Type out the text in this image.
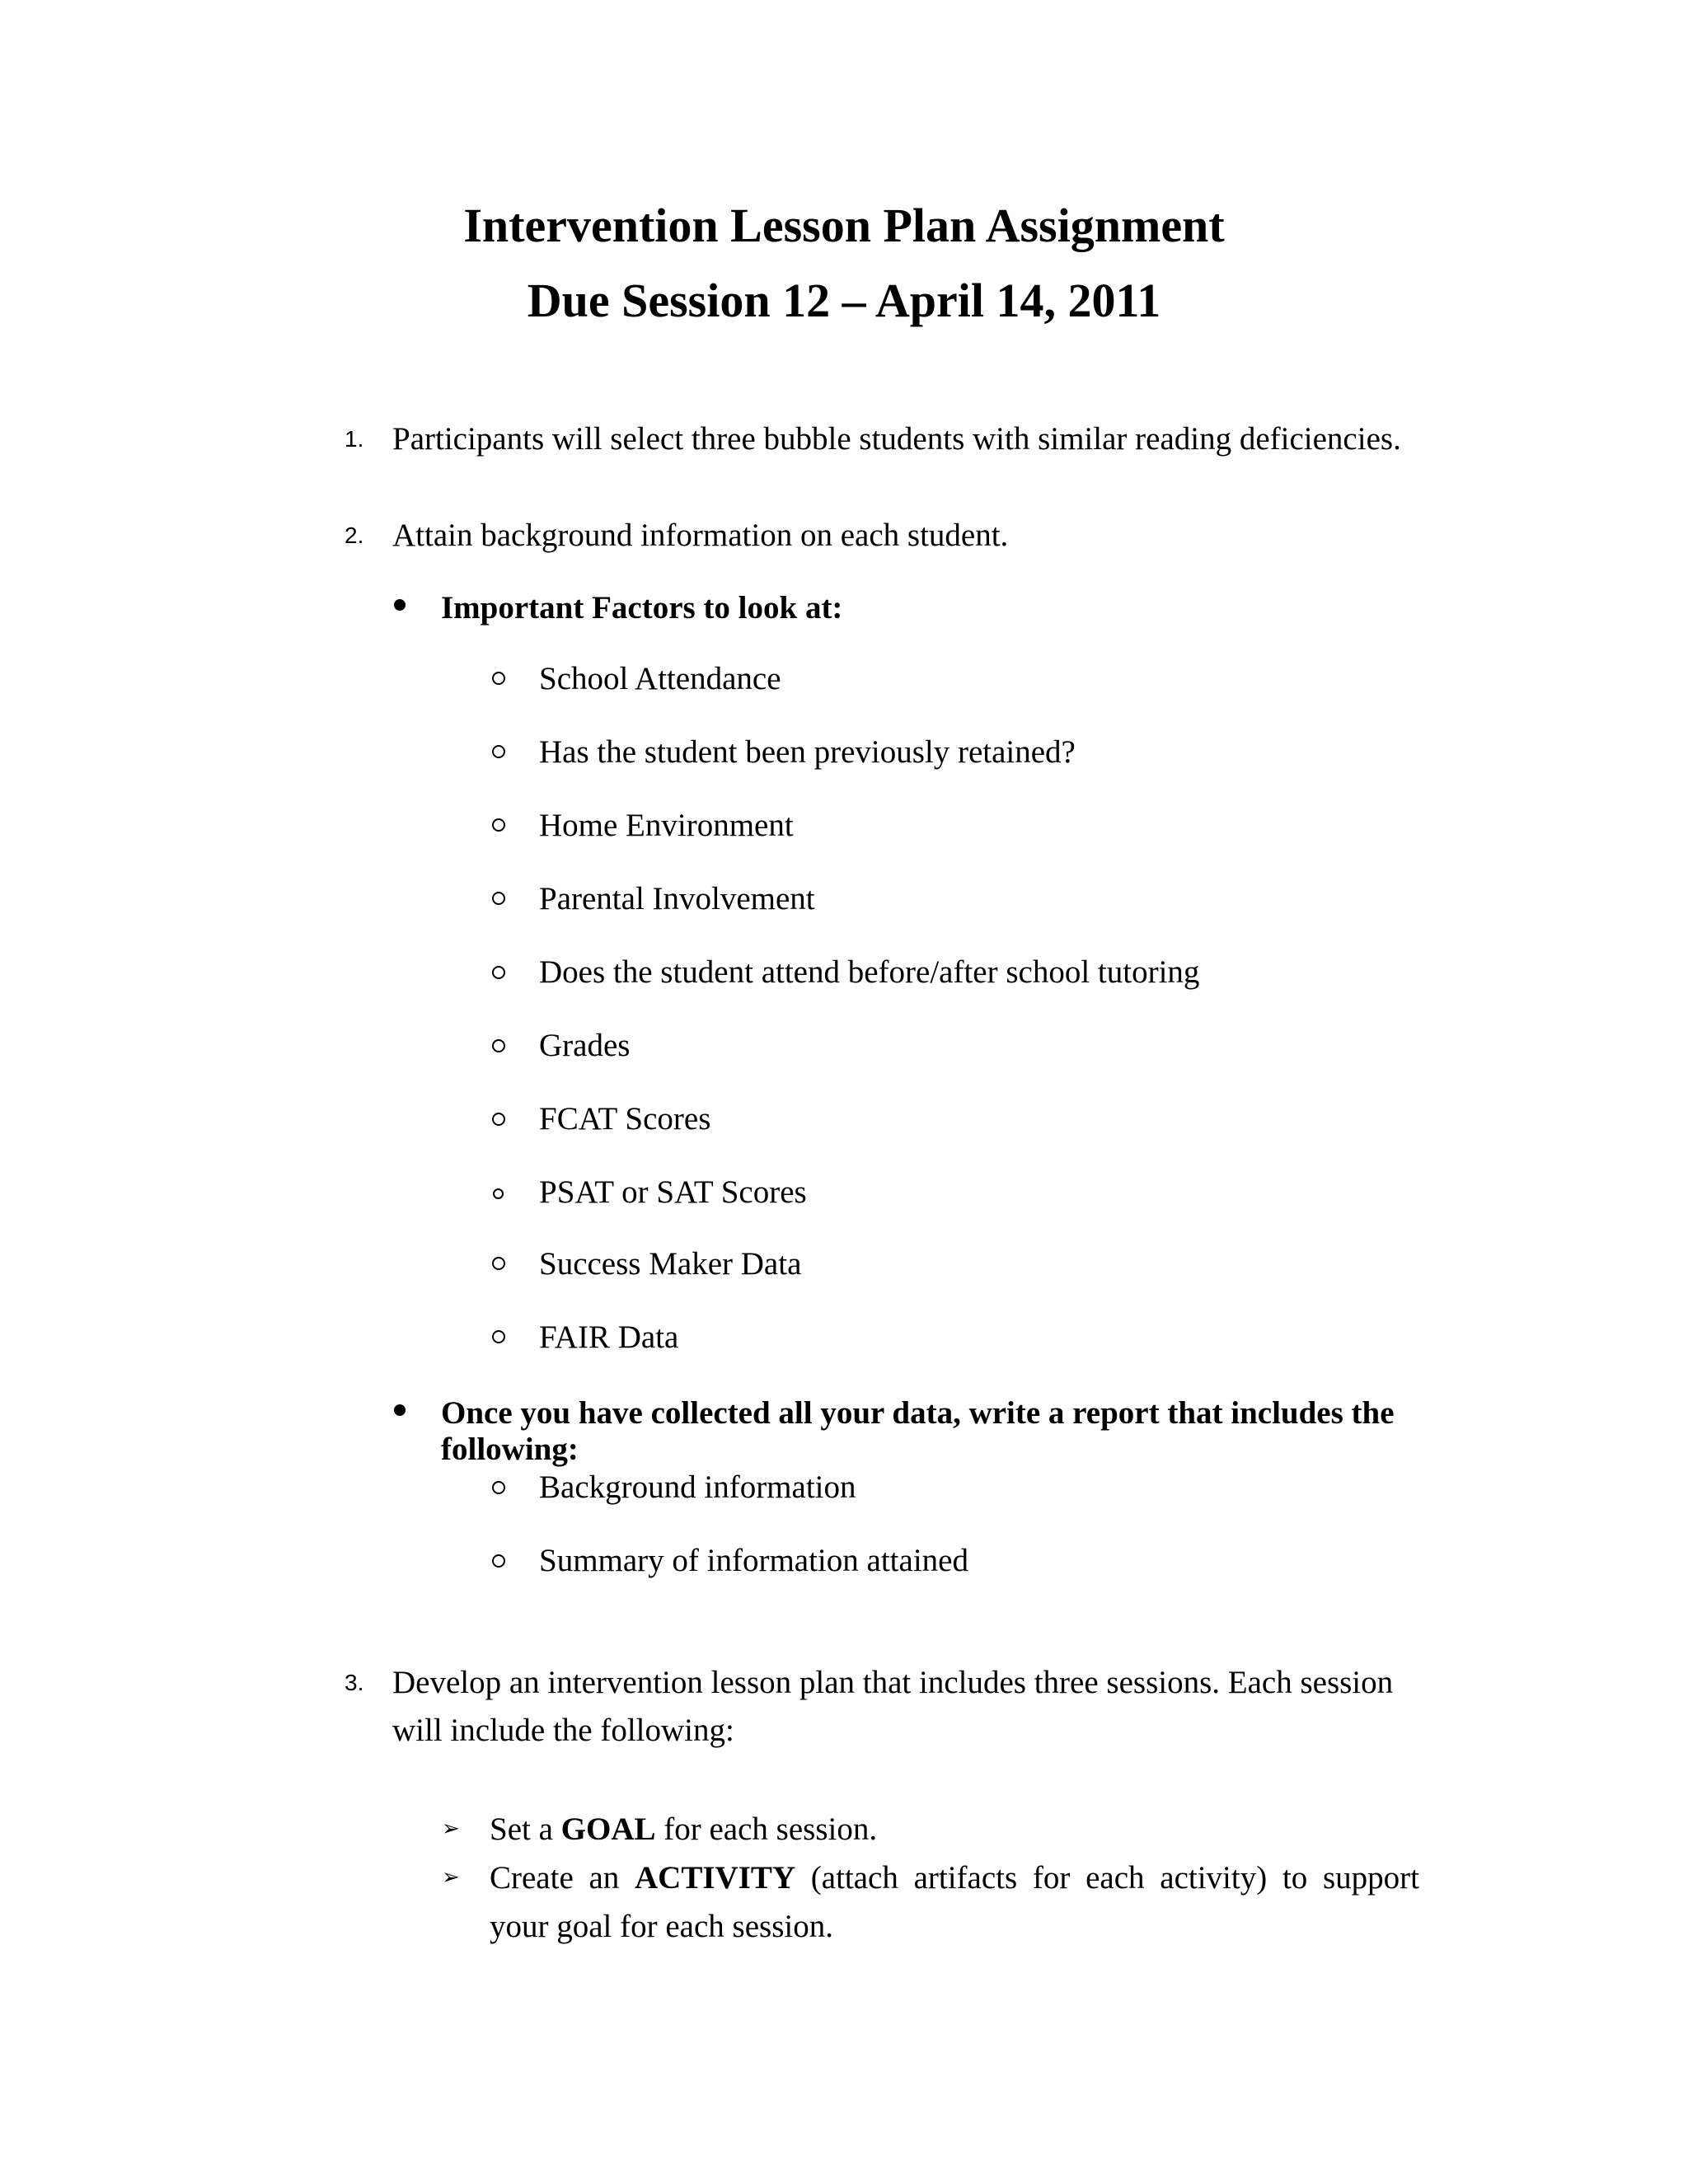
Intervention Lesson Plan Assignment
Due Session 12 – April 14, 2011
1. Participants will select three bubble students with similar reading deficiencies.
2. Attain background information on each student.
Important Factors to look at:
School Attendance
Has the student been previously retained?
Home Environment
Parental Involvement
Does the student attend before/after school tutoring
Grades
FCAT Scores
PSAT or SAT Scores
Success Maker Data
FAIR Data
Once you have collected all your data, write a report that includes the
following:
Background information
Summary of information attained
3. Develop an intervention lesson plan that includes three sessions. Each session
will include the following:
➢ Set a GOAL for each session.
➢ Create an ACTIVITY (attach artifacts for each activity) to support
your goal for each session.
